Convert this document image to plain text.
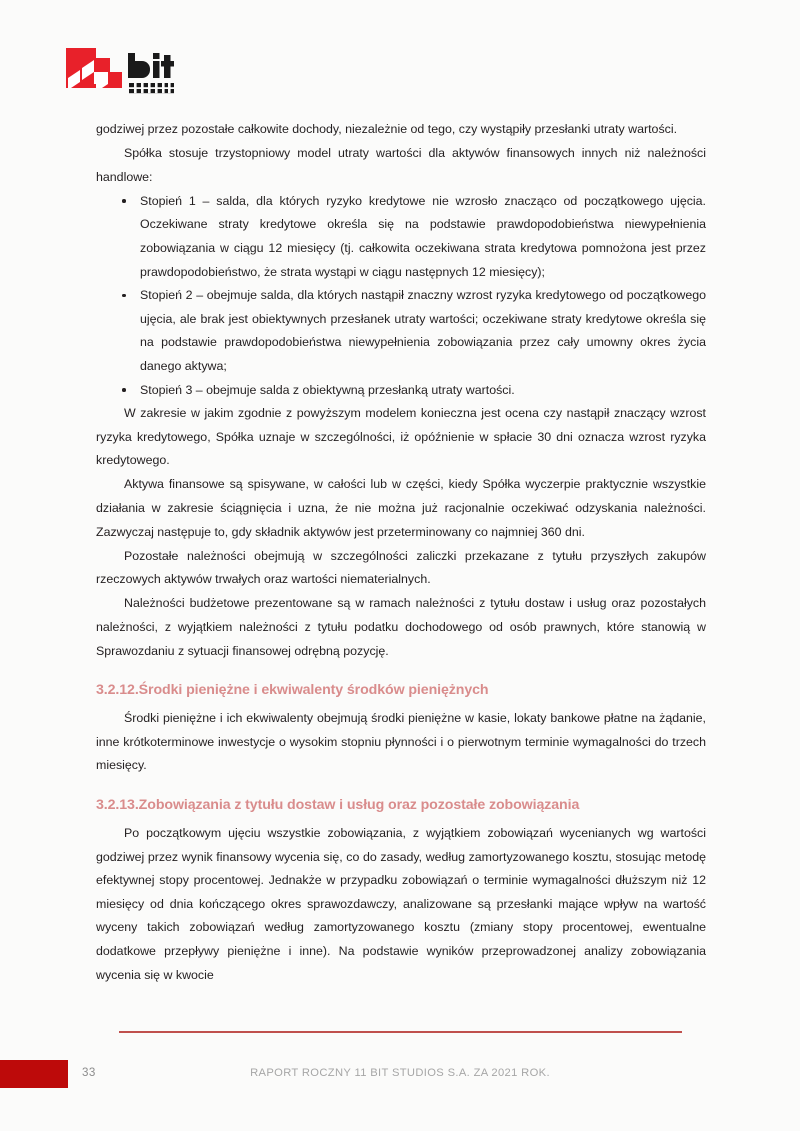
godziwej przez pozostałe całkowite dochody, niezależnie od tego, czy wystąpiły przesłanki utraty wartości.

Spółka stosuje trzystopniowy model utraty wartości dla aktywów finansowych innych niż należności handlowe:

Stopień 1 – salda, dla których ryzyko kredytowe nie wzrosło znacząco od początkowego ujęcia. Oczekiwane straty kredytowe określa się na podstawie prawdopodobieństwa niewypełnienia zobowiązania w ciągu 12 miesięcy (tj. całkowita oczekiwana strata kredytowa pomnożona jest przez prawdopodobieństwo, że strata wystąpi w ciągu następnych 12 miesięcy);
Stopień 2 – obejmuje salda, dla których nastąpił znaczny wzrost ryzyka kredytowego od początkowego ujęcia, ale brak jest obiektywnych przesłanek utraty wartości; oczekiwane straty kredytowe określa się na podstawie prawdopodobieństwa niewypełnienia zobowiązania przez cały umowny okres życia danego aktywa;
Stopień 3 – obejmuje salda z obiektywną przesłanką utraty wartości.

W zakresie w jakim zgodnie z powyższym modelem konieczna jest ocena czy nastąpił znaczący wzrost ryzyka kredytowego, Spółka uznaje w szczególności, iż opóźnienie w spłacie 30 dni oznacza wzrost ryzyka kredytowego.

Aktywa finansowe są spisywane, w całości lub w części, kiedy Spółka wyczerpie praktycznie wszystkie działania w zakresie ściągnięcia i uzna, że nie można już racjonalnie oczekiwać odzyskania należności. Zazwyczaj następuje to, gdy składnik aktywów jest przeterminowany co najmniej 360 dni.

Pozostałe należności obejmują w szczególności zaliczki przekazane z tytułu przyszłych zakupów rzeczowych aktywów trwałych oraz wartości niematerialnych.

Należności budżetowe prezentowane są w ramach należności z tytułu dostaw i usług oraz pozostałych należności, z wyjątkiem należności z tytułu podatku dochodowego od osób prawnych, które stanowią w Sprawozdaniu z sytuacji finansowej odrębną pozycję.

3.2.12.Środki pieniężne i ekwiwalenty środków pieniężnych

Środki pieniężne i ich ekwiwalenty obejmują środki pieniężne w kasie, lokaty bankowe płatne na żądanie, inne krótkoterminowe inwestycje o wysokim stopniu płynności i o pierwotnym terminie wymagalności do trzech miesięcy.

3.2.13.Zobowiązania z tytułu dostaw i usług oraz pozostałe zobowiązania

Po początkowym ujęciu wszystkie zobowiązania, z wyjątkiem zobowiązań wycenianych wg wartości godziwej przez wynik finansowy wycenia się, co do zasady, według zamortyzowanego kosztu, stosując metodę efektywnej stopy procentowej. Jednakże w przypadku zobowiązań o terminie wymagalności dłuższym niż 12 miesięcy od dnia kończącego okres sprawozdawczy, analizowane są przesłanki mające wpływ na wartość wyceny takich zobowiązań według zamortyzowanego kosztu (zmiany stopy procentowej, ewentualne dodatkowe przepływy pieniężne i inne). Na podstawie wyników przeprowadzonej analizy zobowiązania wycenia się w kwocie

33	RAPORT ROCZNY 11 BIT STUDIOS S.A. ZA 2021 ROK.
